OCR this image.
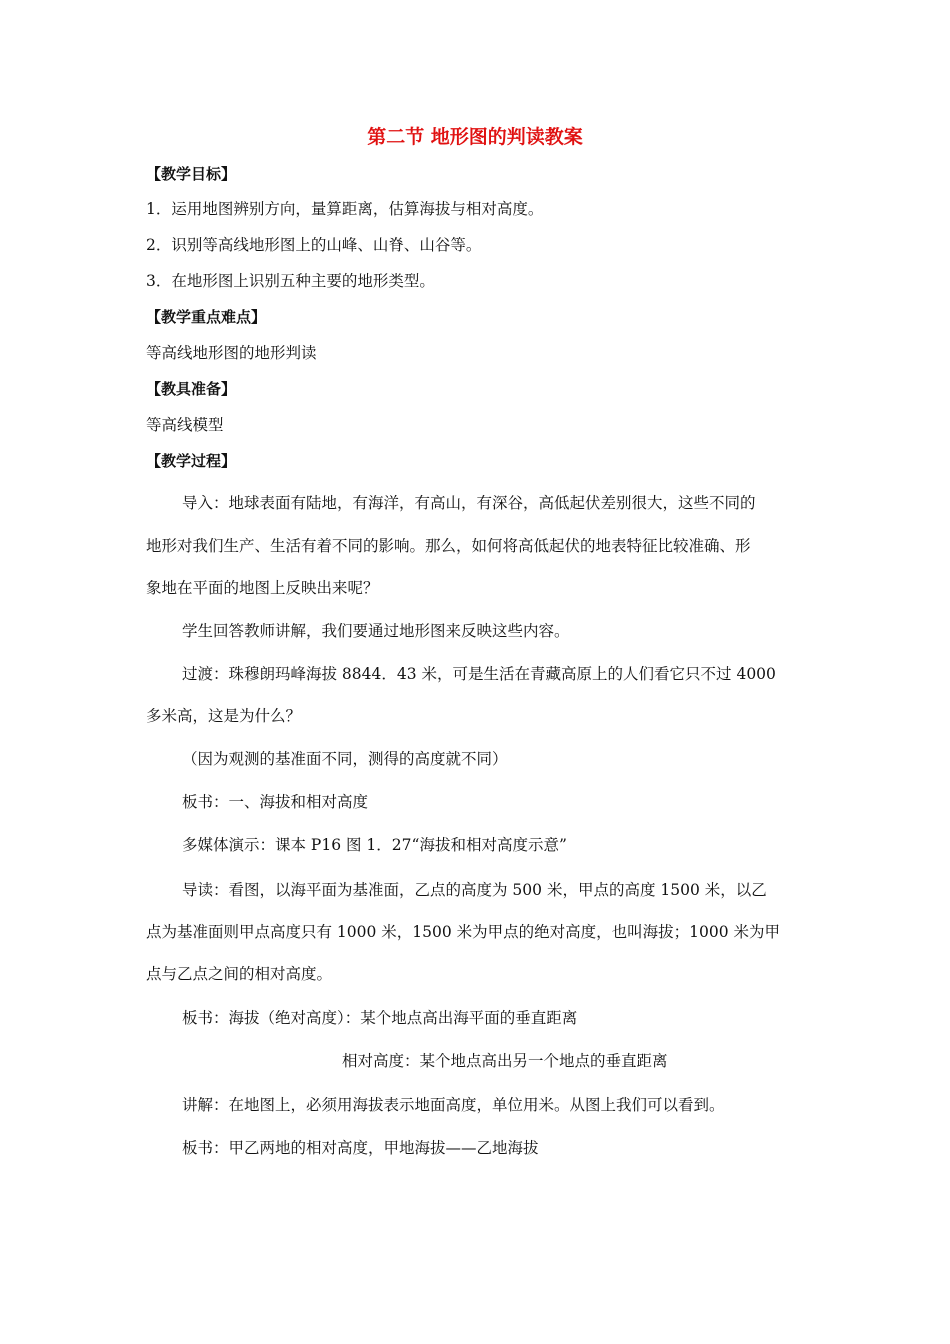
第二节 地形图的判读教案
【教学目标】
1．运用地图辨别方向，量算距离，估算海拔与相对高度。
2．识别等高线地形图上的山峰、山脊、山谷等。
3．在地形图上识别五种主要的地形类型。
【教学重点难点】
等高线地形图的地形判读
【教具准备】
等高线模型
【教学过程】
导入：地球表面有陆地，有海洋，有高山，有深谷，高低起伏差别很大，这些不同的
地形对我们生产、生活有着不同的影响。那么，如何将高低起伏的地表特征比较准确、形
象地在平面的地图上反映出来呢？
学生回答教师讲解，我们要通过地形图来反映这些内容。
过渡：珠穆朗玛峰海拔 8844．43 米，可是生活在青藏高原上的人们看它只不过 4000
多米高，这是为什么？
（因为观测的基准面不同，测得的高度就不同）
板书：一、海拔和相对高度
多媒体演示：课本 P16 图 1．27“海拔和相对高度示意”
导读：看图，以海平面为基准面，乙点的高度为 500 米，甲点的高度 1500 米，以乙
点为基准面则甲点高度只有 1000 米，1500 米为甲点的绝对高度，也叫海拔；1000 米为甲
点与乙点之间的相对高度。
板书：海拔（绝对高度）：某个地点高出海平面的垂直距离
相对高度：某个地点高出另一个地点的垂直距离
讲解：在地图上，必须用海拔表示地面高度，单位用米。从图上我们可以看到。
板书：甲乙两地的相对高度，甲地海拔——乙地海拔
